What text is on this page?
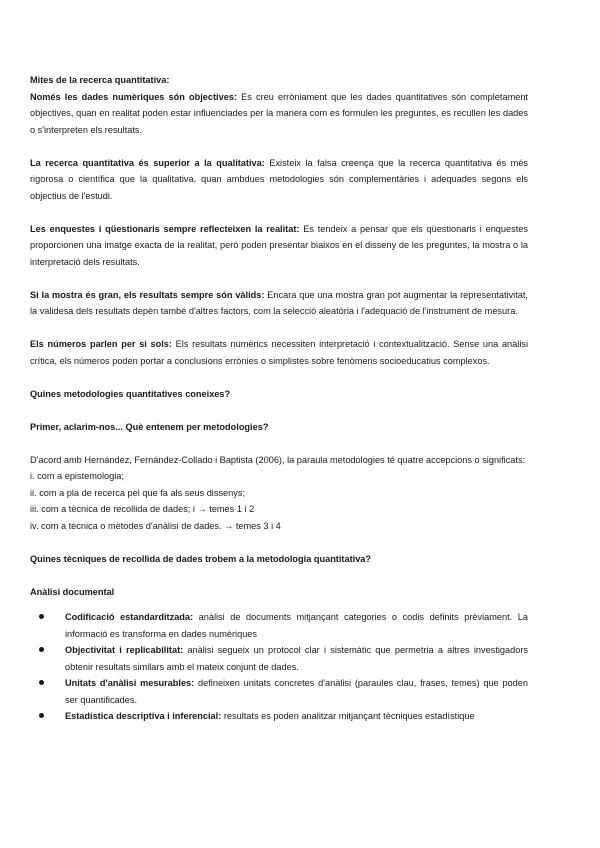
Mites de la recerca quantitativa:
Només les dades numèriques són objectives: Es creu erròniament que les dades quantitatives són completament objectives, quan en realitat poden estar influenciades per la manera com es formulen les preguntes, es recullen les dades o s'interpreten els resultats.

La recerca quantitativa és superior a la qualitativa: Existeix la falsa creença que la recerca quantitativa és més rigorosa o científica que la qualitativa, quan ambdues metodologies són complementàries i adequades segons els objectius de l'estudi.

Les enquestes i qüestionaris sempre reflecteixen la realitat: Es tendeix a pensar que els qüestionaris i enquestes proporcionen una imatge exacta de la realitat, però poden presentar biaixos en el disseny de les preguntes, la mostra o la interpretació dels resultats.

Si la mostra és gran, els resultats sempre són vàlids: Encara que una mostra gran pot augmentar la representativitat, la validesa dels resultats depèn també d'altres factors, com la selecció aleatòria i l'adequació de l'instrument de mesura.

Els números parlen per si sols: Els resultats numèrics necessiten interpretació i contextualització. Sense una anàlisi crítica, els números poden portar a conclusions errònies o simplistes sobre fenòmens socioeducatius complexos.

Quines metodologies quantitatives coneixes?

Primer, aclarim-nos... Què entenem per metodologies?

D'acord amb Hernández, Fernández-Collado i Baptista (2006), la paraula metodologies té quatre accepcions o significats:

i. com a epistemologia;
ii. com a pla de recerca pel que fa als seus dissenys;
iii. com a tècnica de recollida de dades; i → temes 1 i 2
iv. com a tècnica o mètodes d'anàlisi de dades. → temes 3 i 4

Quines tècniques de recollida de dades trobem a la metodologia quantitativa?

Anàlisi documental

Codificació estandarditzada: anàlisi de documents mitjançant categories o codis definits prèviament. La informació es transforma en dades numèriques
Objectivitat i replicabilitat: anàlisi segueix un protocol clar i sistemàtic que permetria a altres investigadors obtenir resultats similars amb el mateix conjunt de dades.
Unitats d'anàlisi mesurables: defineixen unitats concretes d'anàlisi (paraules clau, frases, temes) que poden ser quantificades.
Estadística descriptiva i inferencial: resultats es poden analitzar mitjançant tècniques estadístique
